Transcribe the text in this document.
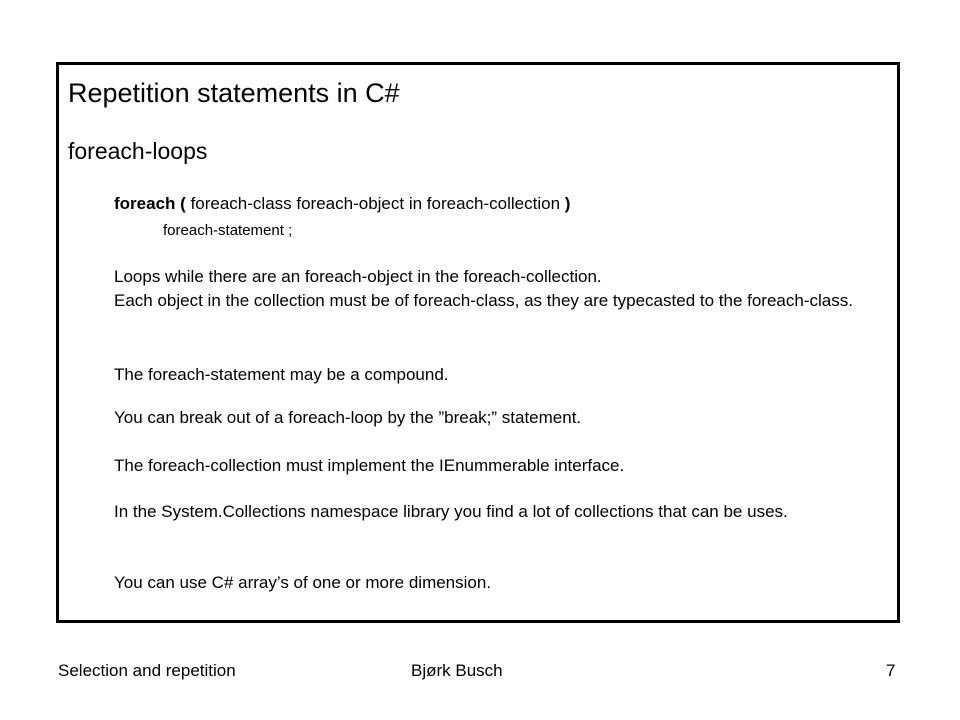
Repetition statements in C#
foreach-loops
foreach ( foreach-class foreach-object in foreach-collection )
foreach-statement ;

Loops while there are an foreach-object in the foreach-collection.

Each object in the collection must be of foreach-class, as they are typecasted to the foreach-class.

The foreach-statement may be a compound.

You can break out of a foreach-loop by the ”break;” statement.

The foreach-collection must implement the IEnummerable interface.

In the System.Collections namespace library you find a lot of collections that can be uses.

You can use C# array’s of one or more dimension.

Selection and repetition	Bjørk Busch	7
